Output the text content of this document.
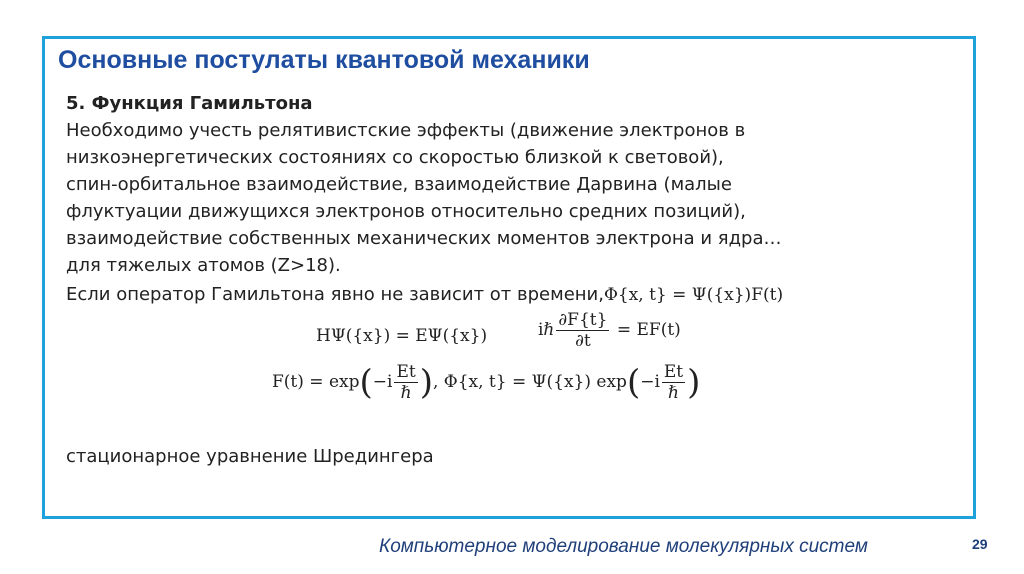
Основные постулаты квантовой механики
5. Функция Гамильтона
Необходимо учесть релятивистские эффекты (движение электронов в
низкоэнергетических состояниях со скоростью близкой к световой),
спин-орбитальное взаимодействие, взаимодействие Дарвина (малые
флуктуации движущихся электронов относительно средних позиций),
взаимодействие собственных механических моментов электрона и ядра…
для тяжелых атомов (Z>18).
Если оператор Гамильтона явно не зависит от времени,Φ{x, t} = Ψ({x})F(t)
HΨ({x}) = EΨ({x})	iℏ $\frac{\partial F\{t\}}{\partial t} = EF(t)$
$F(t) = \exp(-i \frac{Et}{\text{ℏ}}$ ), Φ{x, t} = Ψ({x}) $\exp(-i \frac{Et}{\text{ℏ}}$ )
стационарное уравнение Шредингера
Компьютерное моделирование молекулярных систем	29
